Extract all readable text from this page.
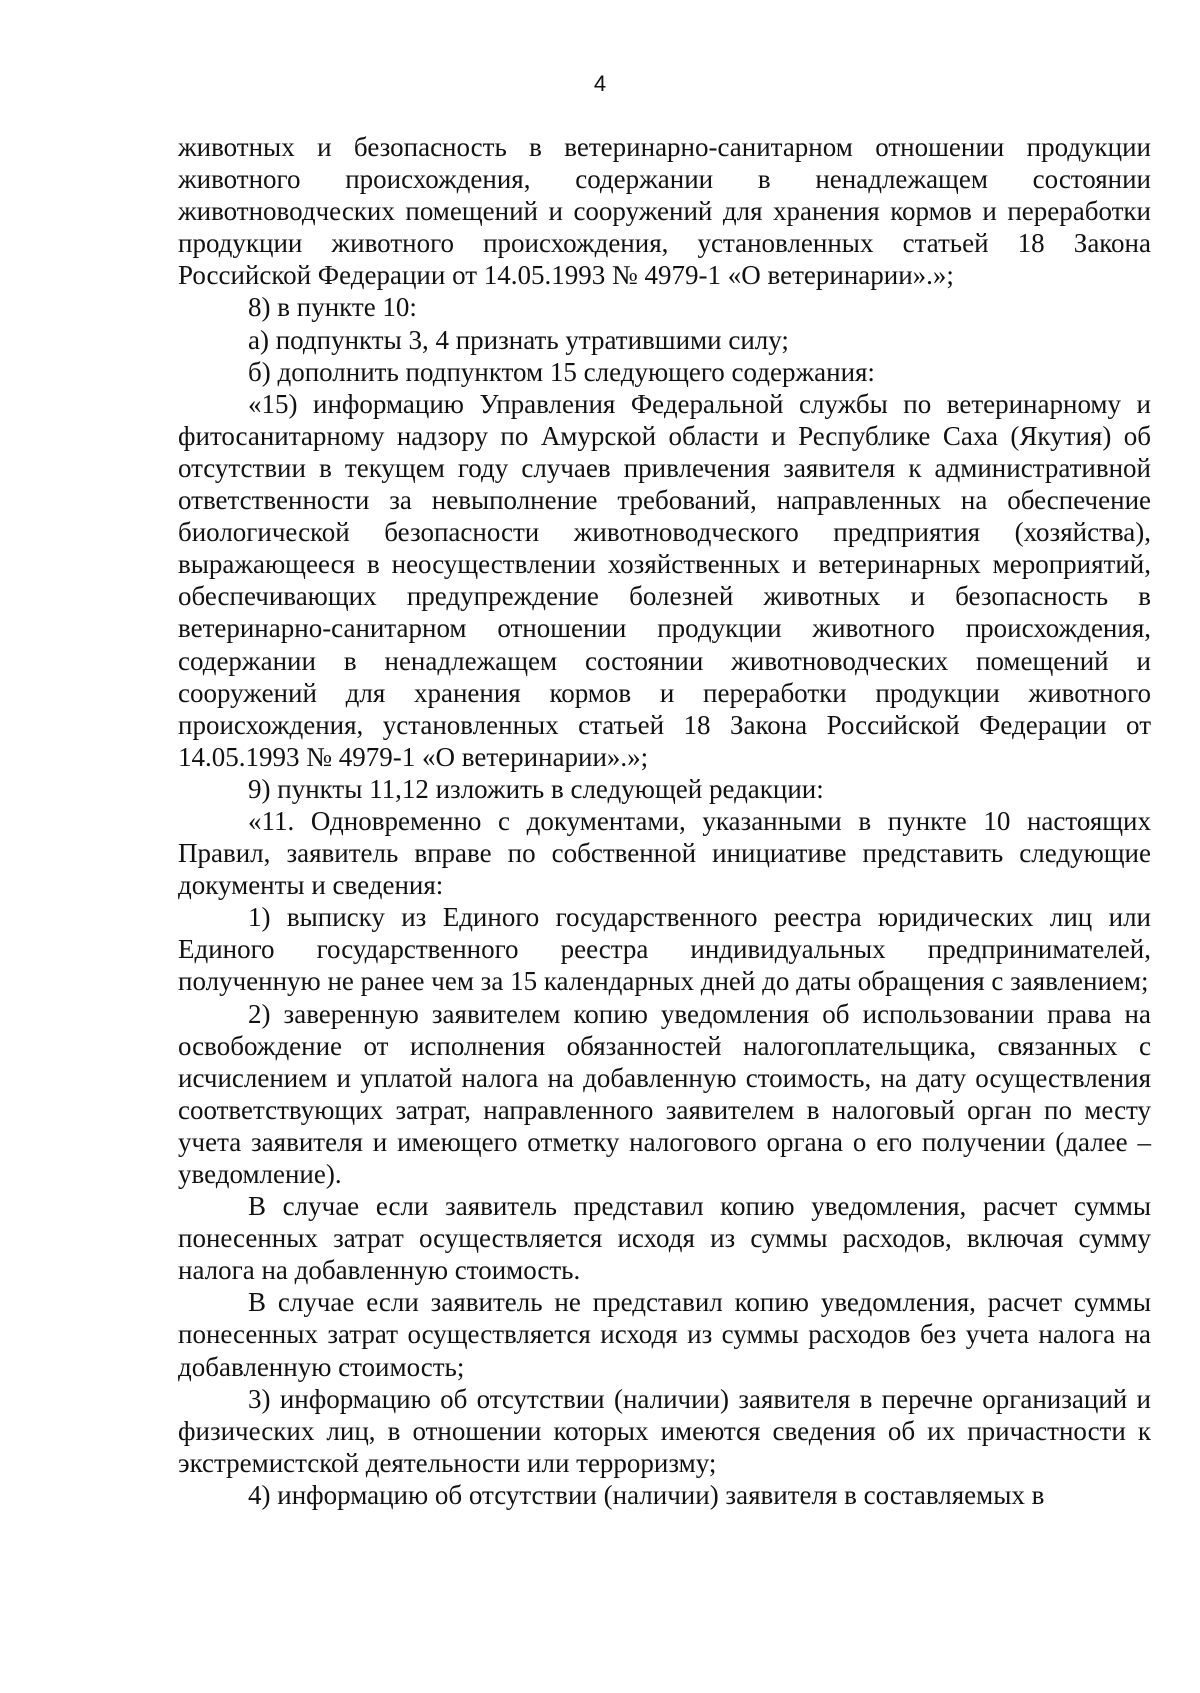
4

животных и безопасность в ветеринарно-санитарном отношении продукции животного происхождения, содержании в ненадлежащем состоянии животноводческих помещений и сооружений для хранения кормов и переработки продукции животного происхождения, установленных статьей 18 Закона Российской Федерации от 14.05.1993 № 4979-1 «О ветеринарии».»;

8) в пункте 10:

а) подпункты 3, 4 признать утратившими силу;

б) дополнить подпунктом 15 следующего содержания:

«15) информацию Управления Федеральной службы по ветеринарному и фитосанитарному надзору по Амурской области и Республике Саха (Якутия) об отсутствии в текущем году случаев привлечения заявителя к административной ответственности за невыполнение требований, направленных на обеспечение биологической безопасности животноводческого предприятия (хозяйства), выражающееся в неосуществлении хозяйственных и ветеринарных мероприятий, обеспечивающих предупреждение болезней животных и безопасность в ветеринарно-санитарном отношении продукции животного происхождения, содержании в ненадлежащем состоянии животноводческих помещений и сооружений для хранения кормов и переработки продукции животного происхождения, установленных статьей 18 Закона Российской Федерации от 14.05.1993 № 4979-1 «О ветеринарии».»;

9) пункты 11,12 изложить в следующей редакции:

«11. Одновременно с документами, указанными в пункте 10 настоящих Правил, заявитель вправе по собственной инициативе представить следующие документы и сведения:

1) выписку из Единого государственного реестра юридических лиц или Единого государственного реестра индивидуальных предпринимателей, полученную не ранее чем за 15 календарных дней до даты обращения с заявлением;

2) заверенную заявителем копию уведомления об использовании права на освобождение от исполнения обязанностей налогоплательщика, связанных с исчислением и уплатой налога на добавленную стоимость, на дату осуществления соответствующих затрат, направленного заявителем в налоговый орган по месту учета заявителя и имеющего отметку налогового органа о его получении (далее – уведомление).

В случае если заявитель представил копию уведомления, расчет суммы понесенных затрат осуществляется исходя из суммы расходов, включая сумму налога на добавленную стоимость.

В случае если заявитель не представил копию уведомления, расчет суммы понесенных затрат осуществляется исходя из суммы расходов без учета налога на добавленную стоимость;

3) информацию об отсутствии (наличии) заявителя в перечне организаций и физических лиц, в отношении которых имеются сведения об их причастности к экстремистской деятельности или терроризму;

4) информацию об отсутствии (наличии) заявителя в составляемых в
